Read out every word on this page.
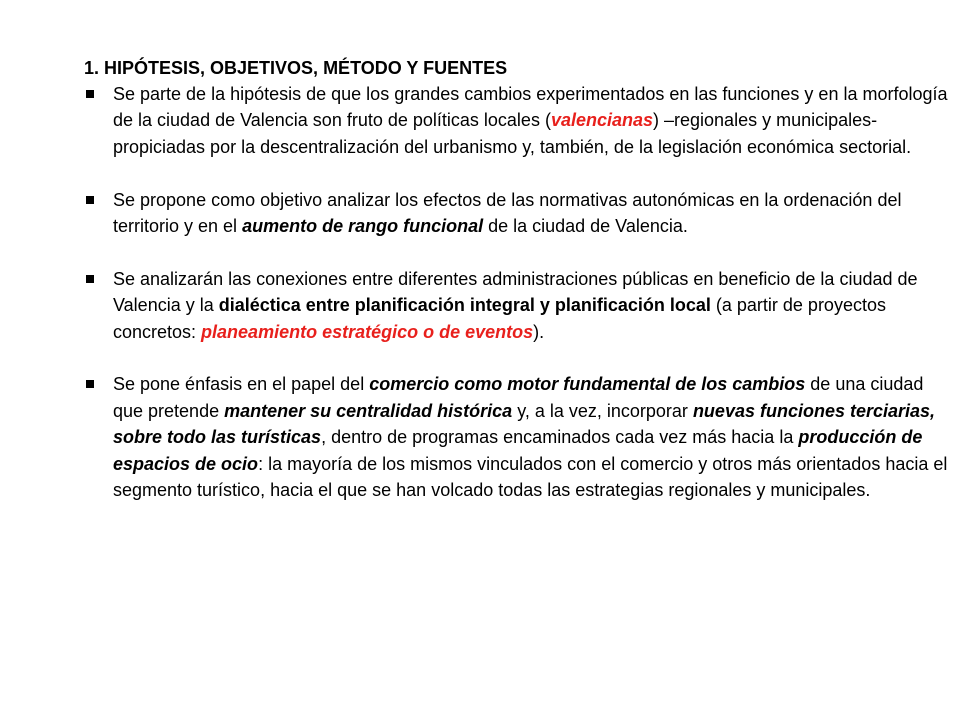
1. HIPÓTESIS, OBJETIVOS, MÉTODO Y FUENTES

Se parte de la hipótesis de que los grandes cambios experimentados en las funciones y en la morfología de la ciudad de Valencia son fruto de políticas locales (valencianas) –regionales y municipales- propiciadas por la descentralización del urbanismo y, también, de la legislación económica sectorial.
Se propone como objetivo analizar los efectos de las normativas autonómicas en la ordenación del territorio y en el aumento de rango funcional de la ciudad de Valencia.
Se analizarán las conexiones entre diferentes administraciones públicas en beneficio de la ciudad de Valencia y la dialéctica entre planificación integral y planificación local (a partir de proyectos concretos: planeamiento estratégico o de eventos).
Se pone énfasis en el papel del comercio como motor fundamental de los cambios de una ciudad que pretende mantener su centralidad histórica y, a la vez, incorporar nuevas funciones terciarias, sobre todo las turísticas, dentro de programas encaminados cada vez más hacia la producción de espacios de ocio: la mayoría de los mismos vinculados con el comercio y otros más orientados hacia el segmento turístico, hacia el que se han volcado todas las estrategias regionales y municipales.
